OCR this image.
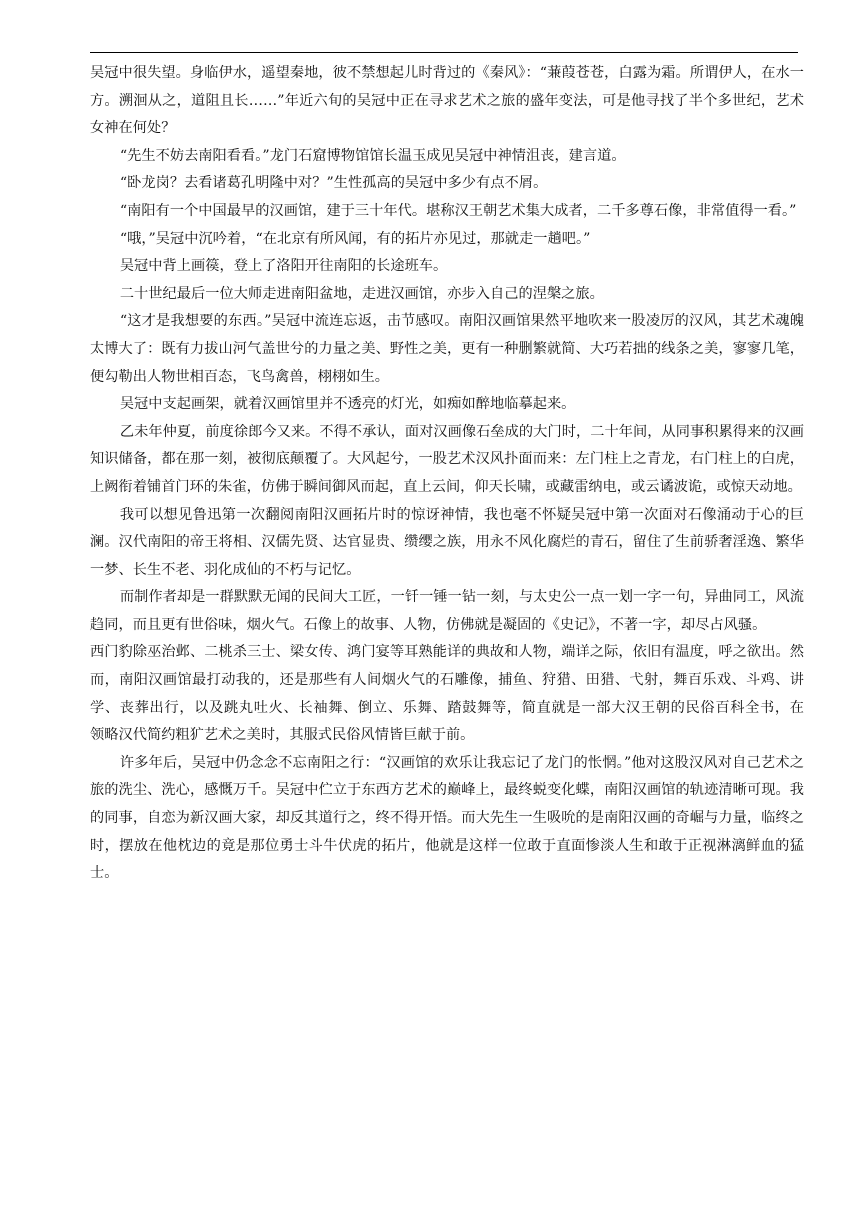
吴冠中很失望。身临伊水，遥望秦地，彼不禁想起儿时背过的《秦风》：“蒹葭苍苍，白露为霜。所谓伊人，在水一方。溯洄从之，道阻且长……”年近六旬的吴冠中正在寻求艺术之旅的盛年变法，可是他寻找了半个多世纪，艺术女神在何处？

“先生不妨去南阳看看。”龙门石窟博物馆馆长温玉成见吴冠中神情沮丧，建言道。

“卧龙岗？去看诸葛孔明隆中对？”生性孤高的吴冠中多少有点不屑。

“南阳有一个中国最早的汉画馆，建于三十年代。堪称汉王朝艺术集大成者，二千多尊石像，非常值得一看。”

“哦，”吴冠中沉吟着，“在北京有所风闻，有的拓片亦见过，那就走一趟吧。”

吴冠中背上画篌，登上了洛阳开往南阳的长途班车。

二十世纪最后一位大师走进南阳盆地，走进汉画馆，亦步入自己的涅槃之旅。

“这才是我想要的东西。”吴冠中流连忘返，击节感叹。南阳汉画馆果然平地吹来一股凌厉的汉风，其艺术魂魄太博大了：既有力拔山河气盖世兮的力量之美、野性之美，更有一种删繁就简、大巧若拙的线条之美，寥寥几笔，便勾勒出人物世相百态，飞鸟禽兽，栩栩如生。

吴冠中支起画架，就着汉画馆里并不透亮的灯光，如痴如醉地临摹起来。

乙未年仲夏，前度徐郎今又来。不得不承认，面对汉画像石垒成的大门时，二十年间，从同事积累得来的汉画知识储备，都在那一刻，被彻底颠覆了。大风起兮，一股艺术汉风扑面而来：左门柱上之青龙，右门柱上的白虎，上阙衔着铺首门环的朱雀，仿佛于瞬间御风而起，直上云间，仰天长啸，或藏雷纳电，或云谲波诡，或惊天动地。

我可以想见鲁迅第一次翻阅南阳汉画拓片时的惊讶神情，我也毫不怀疑吴冠中第一次面对石像涌动于心的巨澜。汉代南阳的帝王将相、汉儒先贤、达官显贵、缵缨之族，用永不风化腐烂的青石，留住了生前骄奢淫逸、繁华一梦、长生不老、羽化成仙的不朽与记忆。

而制作者却是一群默默无闻的民间大工匠，一钎一锤一钻一刻，与太史公一点一划一字一句，异曲同工，风流趋同，而且更有世俗味，烟火气。石像上的故事、人物，仿佛就是凝固的《史记》，不著一字，却尽占风骚。

西门豹除巫治邺、二桃杀三士、梁女传、鸿门宴等耳熟能详的典故和人物，端详之际，依旧有温度，呼之欲出。然而，南阳汉画馆最打动我的，还是那些有人间烟火气的石雕像，捕鱼、狩猎、田猎、弋射，舞百乐戏、斗鸡、讲学、丧葬出行，以及跳丸吐火、长袖舞、倒立、乐舞、踏鼓舞等，简直就是一部大汉王朝的民俗百科全书，在　　领略汉代简约粗犷艺术之美时，其服式民俗风情皆巨献于前。

许多年后，吴冠中仍念念不忘南阳之行：“汉画馆的欢乐让我忘记了龙门的怅惘。”他对这股汉风对自己艺术之旅的洗尘、洗心，感慨万千。吴冠中伫立于东西方艺术的巅峰上，最终蜕变化蝶，南阳汉画馆的轨迹清晰可现。我的同事，自恋为新汉画大家，却反其道行之，终不得开悟。而大先生一生吸吮的是南阳汉画的奇崛与力量，临终之时，摆放在他枕边的竟是那位勇士斗牛伏虎的拓片，他就是这样一位敢于直面惨淡人生和敢于正视淋漓鲜血的猛士。
